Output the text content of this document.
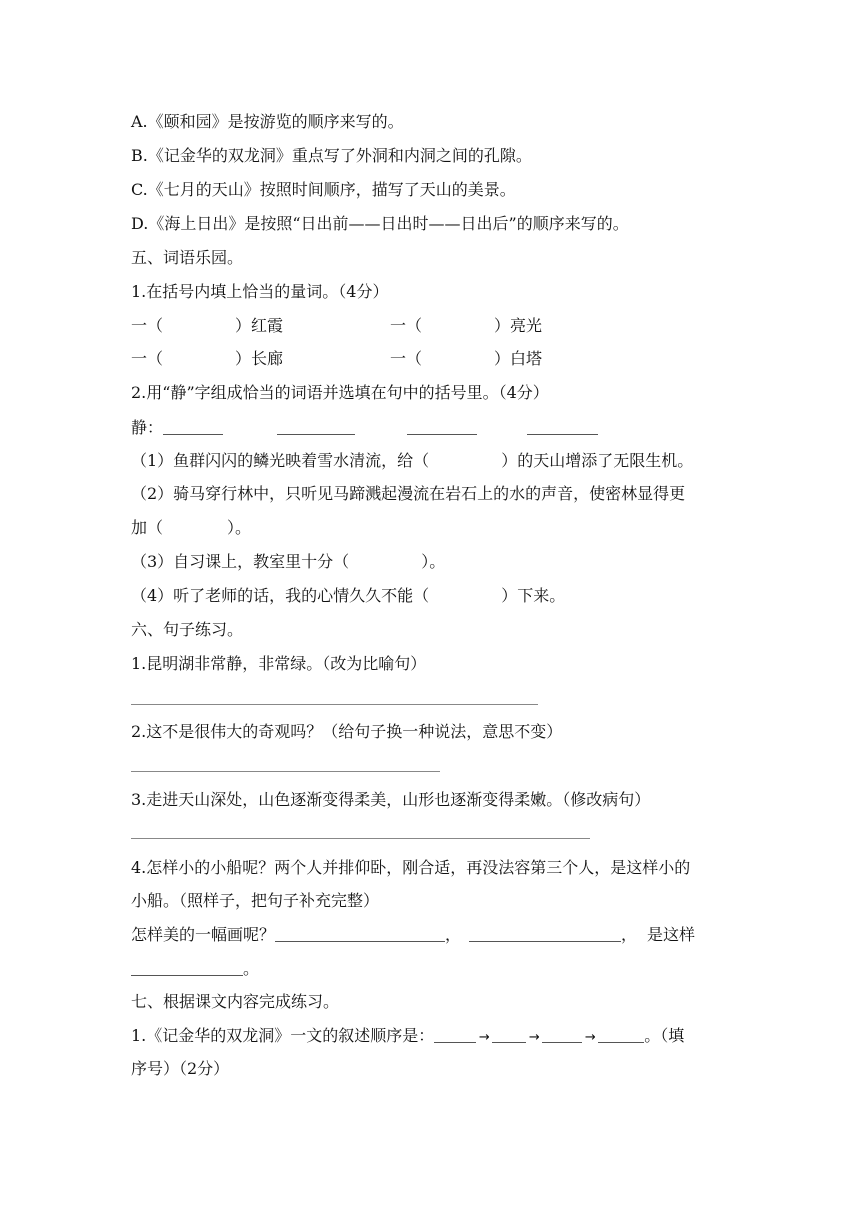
A.《颐和园》是按游览的顺序来写的。
B.《记金华的双龙洞》重点写了外洞和内洞之间的孔隙。
C.《七月的天山》按照时间顺序，描写了天山的美景。
D.《海上日出》是按照“日出前——日出时——日出后”的顺序来写的。
五、词语乐园。
1.在括号内填上恰当的量词。（4分）
一（	）红霞	一（	）亮光
一（	）长廊	一（	）白塔
2.用“静”字组成恰当的词语并选填在句中的括号里。（4分）
静：
（1）鱼群闪闪的鳞光映着雪水清流，给（	）的天山增添了无限生机。
（2）骑马穿行林中，只听见马蹄溅起漫流在岩石上的水的声音，使密林显得更
加（	）。
（3）自习课上，教室里十分（	）。
（4）听了老师的话，我的心情久久不能（	）下来。
六、句子练习。
1.昆明湖非常静，非常绿。（改为比喻句）
2.这不是很伟大的奇观吗？（给句子换一种说法，意思不变）
3.走进天山深处，山色逐渐变得柔美，山形也逐渐变得柔嫩。（修改病句）
4.怎样小的小船呢？两个人并排仰卧，刚合适，再没法容第三个人，是这样小的
小船。（照样子，把句子补充完整）
怎样美的一幅画呢？	，	， 是这样
。
七、根据课文内容完成练习。
1.《记金华的双龙洞》一文的叙述顺序是：	→	→	→	。（填
序号）（2分）
